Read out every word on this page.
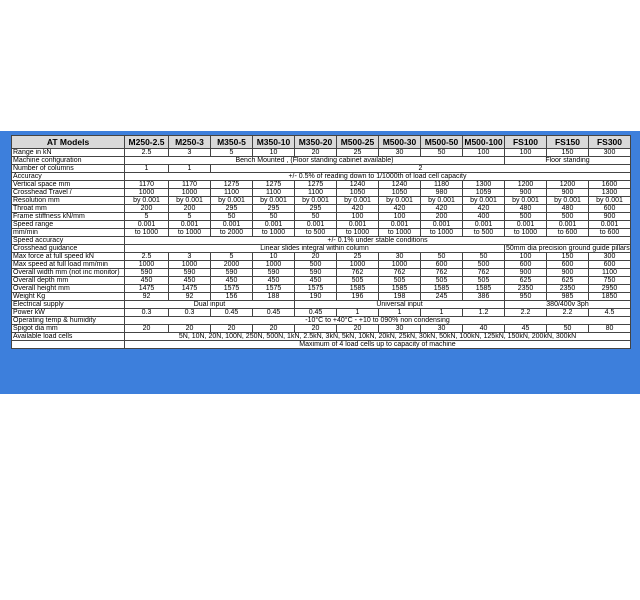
AT Models	M250-2.5	M250-3	M350-5	M350-10	M350-20	M500-25	M500-30	M500-50	M500-100	FS100	FS150	FS300
Range in kN	2.5	3	5	10	20	25	30	50	100	100	150	300
Machine configuration	Bench Mounted , (Floor standing cabinet available)									Floor standing		
Number of columns	1	1	2									
Accuracy	+/- 0.5% of reading down to 1/1000th of load cell capacity											
Vertical space mm	1170	1170	1275	1275	1275	1240	1240	1180	1300	1200	1200	1600
Crosshead Travel /	1000	1000	1100	1100	1100	1050	1050	980	1059	900	900	1300
Resolution mm	by 0.001	by 0.001	by 0.001	by 0.001	by 0.001	by 0.001	by 0.001	by 0.001	by 0.001	by 0.001	by 0.001	by 0.001
Throat mm	200	200	295	295	295	420	420	420	420	480	480	600
Frame stiffness kN/mm	5	5	50	50	50	100	100	200	400	500	500	900
Speed range	0.001	0.001	0.001	0.001	0.001	0.001	0.001	0.001	0.001	0.001	0.001	0.001
mm/min	to 1000	to 1000	to 2000	to 1000	to 500	to 1000	to 1000	to 1000	to 500	to 1000	to 600	to 600
Speed accuracy	+/- 0.1% under stable conditions											
Crosshead guidance	Linear slides integral within column									50mm dia precision ground guide pillars		
Max force at full speed kN	2.5	3	5	10	20	25	30	50	50	100	150	300
Max speed at full load mm/min	1000	1000	2000	1000	500	1000	1000	600	500	600	600	600
Overall width mm (not inc monitor)	590	590	590	590	590	762	762	762	762	900	900	1100
Overall depth mm	450	450	450	450	450	505	505	505	505	625	625	750
Overall height mm	1475	1475	1575	1575	1575	1585	1585	1585	1585	2350	2350	2950
Weight Kg	92	92	156	188	190	196	198	245	386	950	985	1850
Electrical supply	Dual input				Universal input					380/400v 3ph		
Power kW	0.3	0.3	0.45	0.45	0.45	1	1	1	1.2	2.2	2.2	4.5
Operating temp & humidity	-10°C to +40°C - +10 to 090% non condensing											
Spigot dia mm	20	20	20	20	20	20	30	30	40	45	50	80
Available load cells	5N, 10N, 20N, 100N, 250N, 500N, 1kN, 2.5kN, 3kN, 5kN, 10kN, 20kN, 25kN, 30kN, 50kN, 100kN, 125kN, 150kN, 200kN, 300kN											
	Maximum of 4 load cells up to capacity of machine											
